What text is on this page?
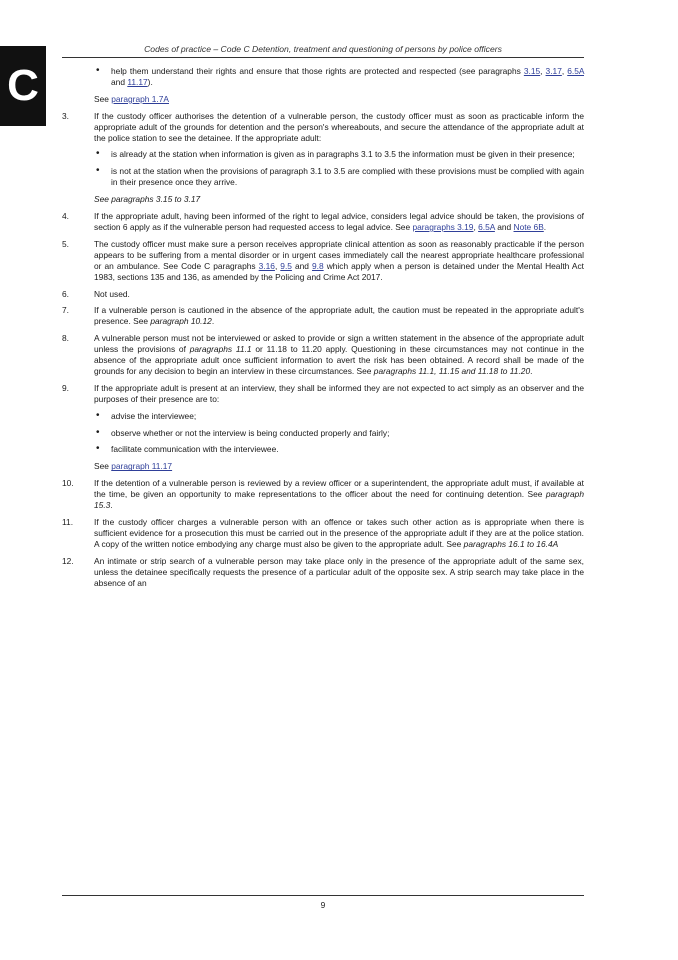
C
Codes of practice – Code C Detention, treatment and questioning of persons by police officers
• help them understand their rights and ensure that those rights are protected and respected (see paragraphs 3.15, 3.17, 6.5A and 11.17).
See paragraph 1.7A
3.	If the custody officer authorises the detention of a vulnerable person, the custody officer must as soon as practicable inform the appropriate adult of the grounds for detention and the person's whereabouts, and secure the attendance of the appropriate adult at the police station to see the detainee. If the appropriate adult:
• is already at the station when information is given as in paragraphs 3.1 to 3.5 the information must be given in their presence;
• is not at the station when the provisions of paragraph 3.1 to 3.5 are complied with these provisions must be complied with again in their presence once they arrive.
See paragraphs 3.15 to 3.17
4.	If the appropriate adult, having been informed of the right to legal advice, considers legal advice should be taken, the provisions of section 6 apply as if the vulnerable person had requested access to legal advice. See paragraphs 3.19, 6.5A and Note 6B.
5.	The custody officer must make sure a person receives appropriate clinical attention as soon as reasonably practicable if the person appears to be suffering from a mental disorder or in urgent cases immediately call the nearest appropriate healthcare professional or an ambulance. See Code C paragraphs 3.16, 9.5 and 9.8 which apply when a person is detained under the Mental Health Act 1983, sections 135 and 136, as amended by the Policing and Crime Act 2017.
6.	Not used.
7.	If a vulnerable person is cautioned in the absence of the appropriate adult, the caution must be repeated in the appropriate adult's presence. See paragraph 10.12.
8.	A vulnerable person must not be interviewed or asked to provide or sign a written statement in the absence of the appropriate adult unless the provisions of paragraphs 11.1 or 11.18 to 11.20 apply. Questioning in these circumstances may not continue in the absence of the appropriate adult once sufficient information to avert the risk has been obtained. A record shall be made of the grounds for any decision to begin an interview in these circumstances. See paragraphs 11.1, 11.15 and 11.18 to 11.20.
9.	If the appropriate adult is present at an interview, they shall be informed they are not expected to act simply as an observer and the purposes of their presence are to:
• advise the interviewee;
• observe whether or not the interview is being conducted properly and fairly;
• facilitate communication with the interviewee.
See paragraph 11.17
10. If the detention of a vulnerable person is reviewed by a review officer or a superintendent, the appropriate adult must, if available at the time, be given an opportunity to make representations to the officer about the need for continuing detention. See paragraph 15.3.
11. If the custody officer charges a vulnerable person with an offence or takes such other action as is appropriate when there is sufficient evidence for a prosecution this must be carried out in the presence of the appropriate adult if they are at the police station. A copy of the written notice embodying any charge must also be given to the appropriate adult. See paragraphs 16.1 to 16.4A
12. An intimate or strip search of a vulnerable person may take place only in the presence of the appropriate adult of the same sex, unless the detainee specifically requests the presence of a particular adult of the opposite sex. A strip search may take place in the absence of an
9
